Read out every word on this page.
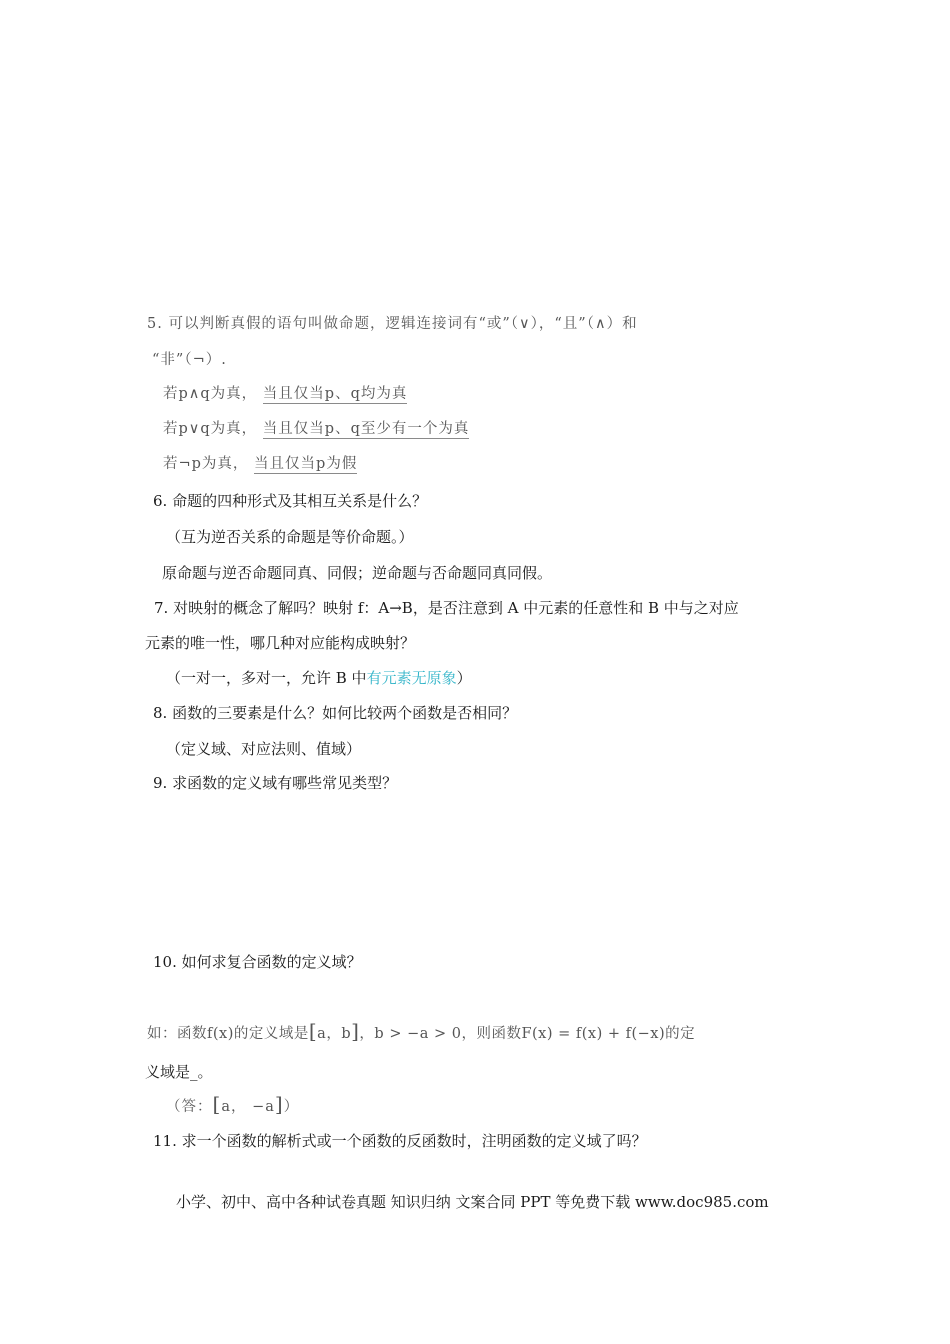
5. 可以判断真假的语句叫做命题，逻辑连接词有“或”（∨），“且”（∧）和
“非”（¬）.
若p∧q为真， 当且仅当p、q均为真
若p∨q为真， 当且仅当p、q至少有一个为真
若¬p为真， 当且仅当p为假
6. 命题的四种形式及其相互关系是什么？
（互为逆否关系的命题是等价命题。）
原命题与逆否命题同真、同假；逆命题与否命题同真同假。
7. 对映射的概念了解吗？映射 f：A→B，是否注意到 A 中元素的任意性和 B 中与之对应
元素的唯一性，哪几种对应能构成映射？
（一对一，多对一，允许 B 中有元素无原象）
8. 函数的三要素是什么？如何比较两个函数是否相同？
（定义域、对应法则、值域）
9. 求函数的定义域有哪些常见类型？
10. 如何求复合函数的定义域？
如：函数f(x)的定义域是[a，b]，b > −a > 0，则函数F(x) = f(x) + f(−x)的定
义域是_。
（答：[a， −a]）
11. 求一个函数的解析式或一个函数的反函数时，注明函数的定义域了吗？
小学、初中、高中各种试卷真题 知识归纳 文案合同 PPT 等免费下载 www.doc985.com
